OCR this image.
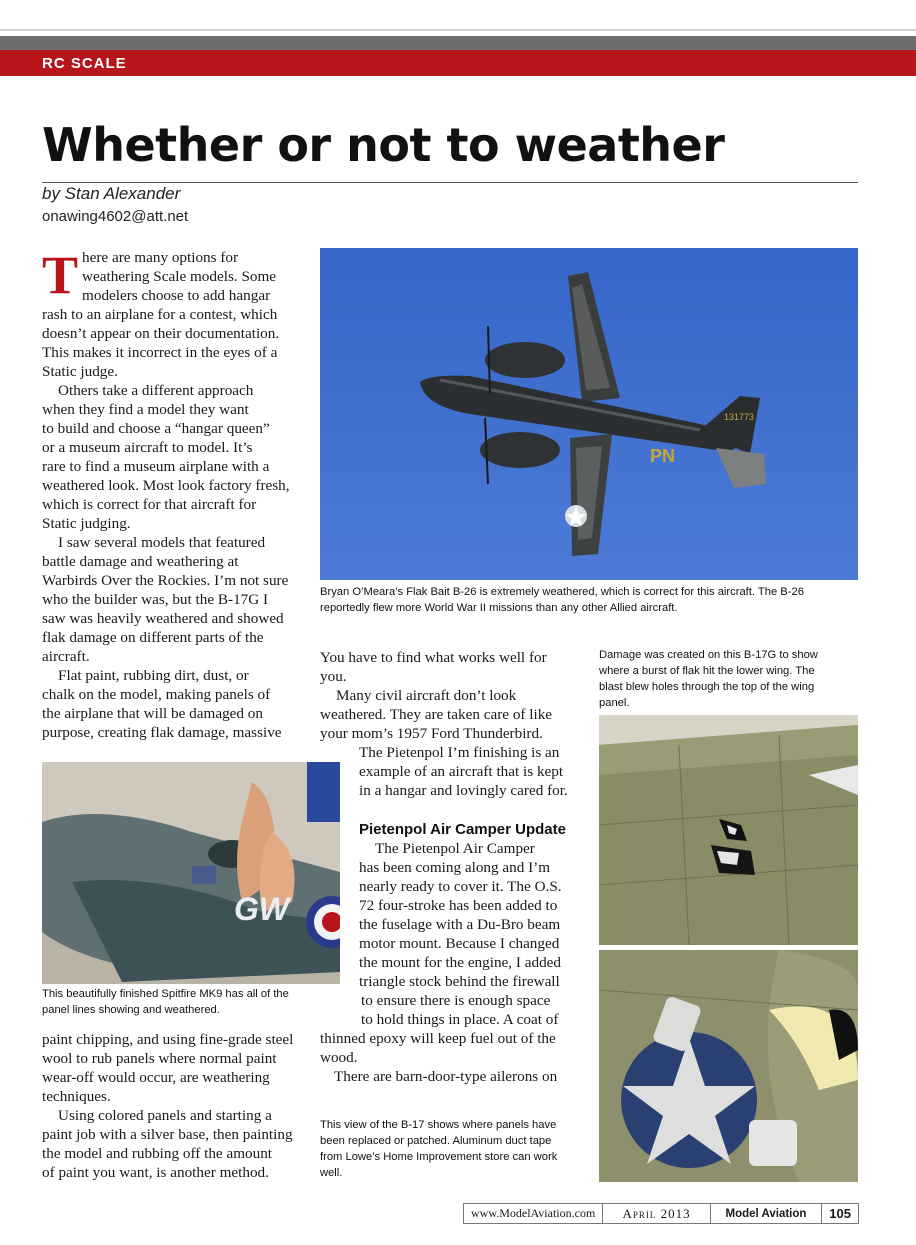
RC SCALE
Whether or not to weather
by Stan Alexander
onawing4602@att.net
T here are many options for

weathering Scale models. Some

modelers choose to add hangar

rash to an airplane for a contest, which

doesn’t appear on their documentation.

This makes it incorrect in the eyes of a

Static judge.

Others take a different approach

when they find a model they want

to build and choose a “hangar queen”

or a museum aircraft to model. It’s

rare to find a museum airplane with a

weathered look. Most look factory fresh,

which is correct for that aircraft for

Static judging.

I saw several models that featured

battle damage and weathering at

Warbirds Over the Rockies. I’m not sure

who the builder was, but the B-17G I

saw was heavily weathered and showed

flak damage on different parts of the

aircraft.

Flat paint, rubbing dirt, dust, or

chalk on the model, making panels of

the airplane that will be damaged on

purpose, creating flak damage, massive

PN
131773
Bryan O’Meara’s Flak Bait B-26 is extremely weathered, which is correct for this aircraft. The B-26
reportedly flew more World War II missions than any other Allied aircraft.
Damage was created on this B-17G to show
where a burst of flak hit the lower wing. The
blast blew holes through the top of the wing
panel.

You have to find what works well for

you.

Many civil aircraft don’t look

weathered. They are taken care of like

your mom’s 1957 Ford Thunderbird.

The Pietenpol I’m finishing is an

example of an aircraft that is kept

in a hangar and lovingly cared for.

Pietenpol Air Camper Update

The Pietenpol Air Camper

has been coming along and I’m

nearly ready to cover it. The O.S.

72 four-stroke has been added to

the fuselage with a Du-Bro beam

motor mount. Because I changed

the mount for the engine, I added

triangle stock behind the firewall

to ensure there is enough space

to hold things in place. A coat of

thinned epoxy will keep fuel out of the

wood.

There are barn-door-type ailerons on

This view of the B-17 shows where panels have
been replaced or patched. Aluminum duct tape
from Lowe’s Home Improvement store can work
well.
GW
This beautifully finished Spitfire MK9 has all of the
panel lines showing and weathered.

paint chipping, and using fine-grade steel

wool to rub panels where normal paint

wear-off would occur, are weathering

techniques.

Using colored panels and starting a

paint job with a silver base, then painting

the model and rubbing off the amount

of paint you want, is another method.

www.ModelAviation.com	April 2013	Model Aviation	105
